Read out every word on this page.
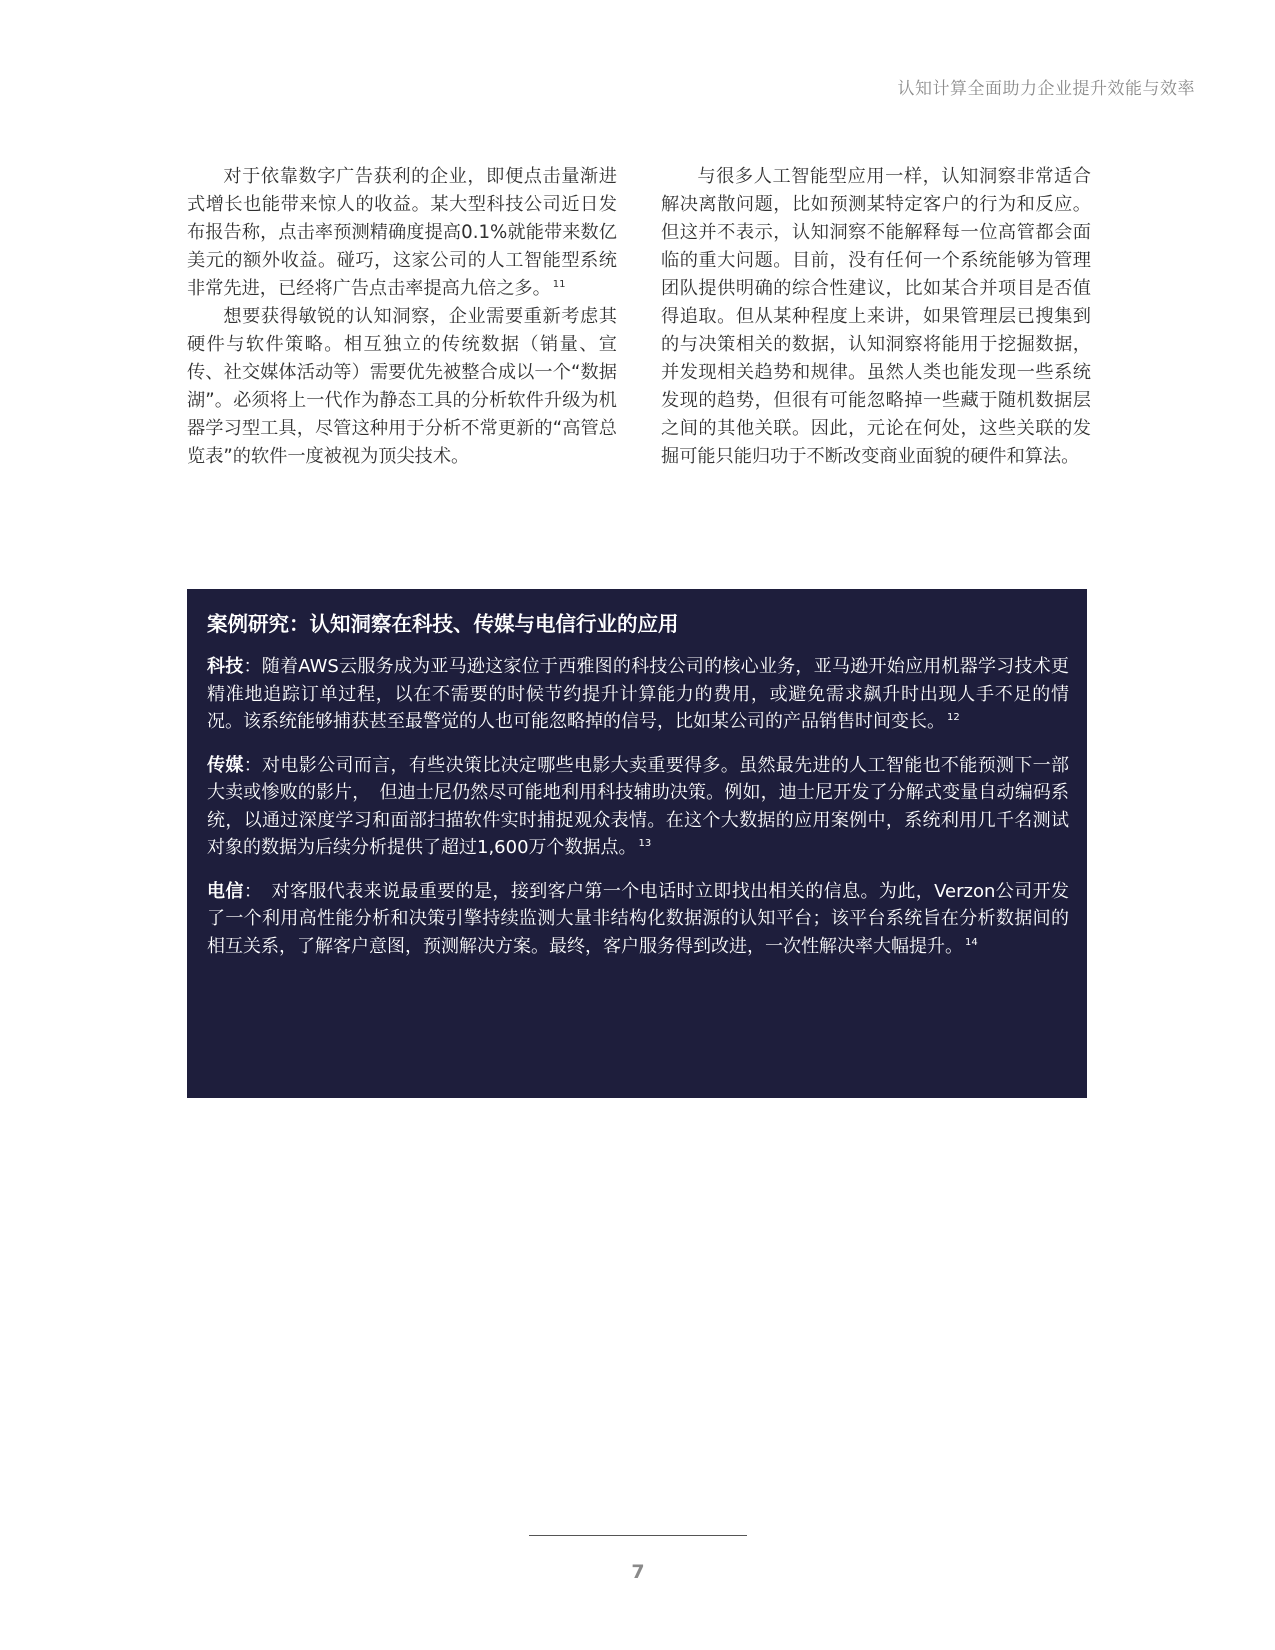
认知计算全面助力企业提升效能与效率

对于依靠数字广告获利的企业，即便点击量渐进式增长也能带来惊人的收益。某大型科技公司近日发布报告称，点击率预测精确度提高0.1%就能带来数亿美元的额外收益。碰巧，这家公司的人工智能型系统非常先进，已经将广告点击率提高九倍之多。 $^{11}$

想要获得敏锐的认知洞察，企业需要重新考虑其硬件与软件策略。相互独立的传统数据（销量、宣传、社交媒体活动等）需要优先被整合成以一个“数据湖”。必须将上一代作为静态工具的分析软件升级为机器学习型工具，尽管这种用于分析不常更新的“高管总览表”的软件一度被视为顶尖技术。

与很多人工智能型应用一样，认知洞察非常适合解决离散问题，比如预测某特定客户的行为和反应。但这并不表示，认知洞察不能解释每一位高管都会面临的重大问题。目前，没有任何一个系统能够为管理团队提供明确的综合性建议，比如某合并项目是否值得追取。但从某种程度上来讲，如果管理层已搜集到的与决策相关的数据，认知洞察将能用于挖掘数据，并发现相关趋势和规律。虽然人类也能发现一些系统发现的趋势，但很有可能忽略掉一些藏于随机数据层之间的其他关联。因此，元论在何处，这些关联的发掘可能只能归功于不断改变商业面貌的硬件和算法。

案例研究：认知洞察在科技、传媒与电信行业的应用

科技：随着AWS云服务成为亚马逊这家位于西雅图的科技公司的核心业务，亚马逊开始应用机器学习技术更精准地追踪订单过程，以在不需要的时候节约提升计算能力的费用，或避免需求飙升时出现人手不足的情况。该系统能够捕获甚至最警觉的人也可能忽略掉的信号，比如某公司的产品销售时间变长。 $^{12}$

传媒：对电影公司而言，有些决策比决定哪些电影大卖重要得多。虽然最先进的人工智能也不能预测下一部大卖或惨败的影片，　但迪士尼仍然尽可能地利用科技辅助决策。例如，迪士尼开发了分解式变量自动编码系统，以通过深度学习和面部扫描软件实时捕捉观众表情。在这个大数据的应用案例中，系统利用几千名测试对象的数据为后续分析提供了超过1,600万个数据点。 $^{13}$

电信：　对客服代表来说最重要的是，接到客户第一个电话时立即找出相关的信息。为此，Verzon公司开发了一个利用高性能分析和决策引擎持续监测大量非结构化数据源的认知平台；该平台系统旨在分析数据间的相互关系，了解客户意图，预测解决方案。最终，客户服务得到改进，一次性解决率大幅提升。 $^{14}$

7
